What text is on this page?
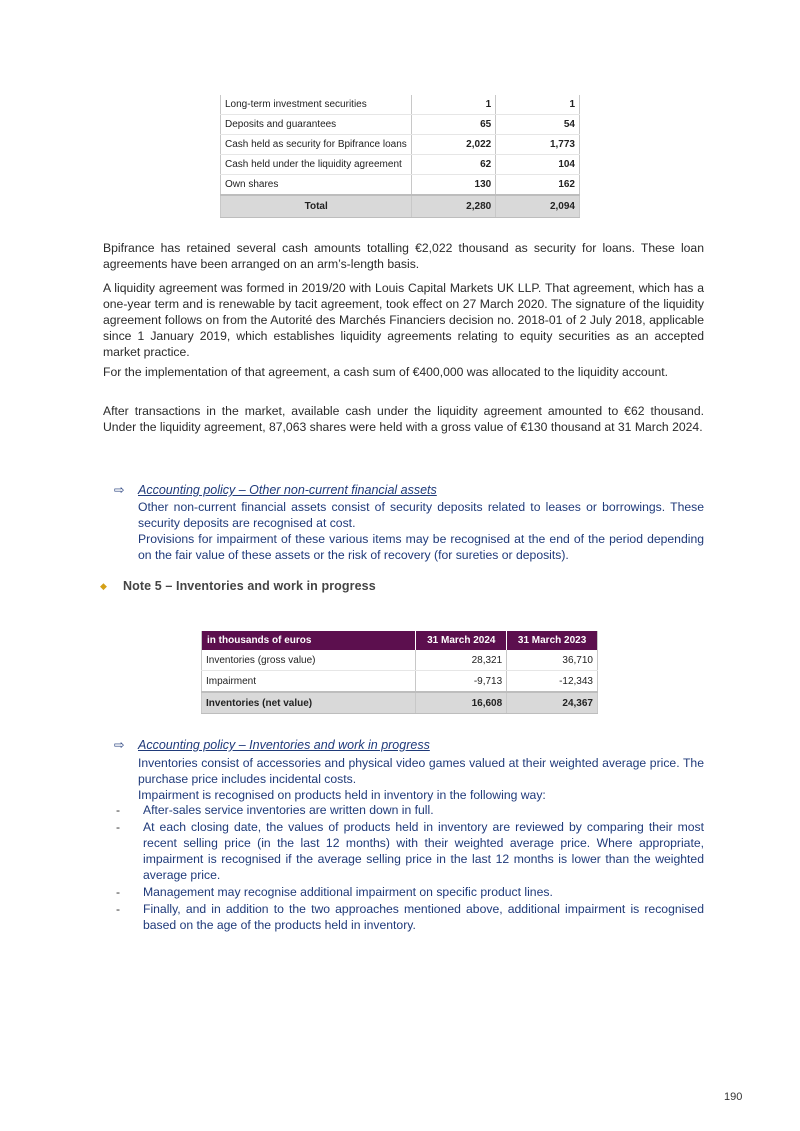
Long-term investment securities	1	1
Deposits and guarantees	65	54
Cash held as security for Bpifrance loans	2,022	1,773
Cash held under the liquidity agreement	62	104
Own shares	130	162
Total	2,280	2,094

Bpifrance has retained several cash amounts totalling €2,022 thousand as security for loans. These loan agreements have been arranged on an arm’s-length basis.

A liquidity agreement was formed in 2019/20 with Louis Capital Markets UK LLP. That agreement, which has a one-year term and is renewable by tacit agreement, took effect on 27 March 2020. The signature of the liquidity agreement follows on from the Autorité des Marchés Financiers decision no. 2018-01 of 2 July 2018, applicable since 1 January 2019, which establishes liquidity agreements relating to equity securities as an accepted market practice.

For the implementation of that agreement, a cash sum of €400,000 was allocated to the liquidity account.

After transactions in the market, available cash under the liquidity agreement amounted to €62 thousand. Under the liquidity agreement, 87,063 shares were held with a gross value of €130 thousand at 31 March 2024.

⇨ Accounting policy – Other non-current financial assets

Other non-current financial assets consist of security deposits related to leases or borrowings. These security deposits are recognised at cost.

Provisions for impairment of these various items may be recognised at the end of the period depending on the fair value of these assets or the risk of recovery (for sureties or deposits).

◆ Note 5 – Inventories and work in progress
in thousands of euros	31 March 2024	31 March 2023
Inventories (gross value)	28,321	36,710
Impairment	-9,713	-12,343
Inventories (net value)	16,608	24,367
⇨ Accounting policy – Inventories and work in progress

Inventories consist of accessories and physical video games valued at their weighted average price. The purchase price includes incidental costs.

Impairment is recognised on products held in inventory in the following way:

- After-sales service inventories are written down in full.
- At each closing date, the values of products held in inventory are reviewed by comparing their most recent selling price (in the last 12 months) with their weighted average price. Where appropriate, impairment is recognised if the average selling price in the last 12 months is lower than the weighted average price.
- Management may recognise additional impairment on specific product lines.
- Finally, and in addition to the two approaches mentioned above, additional impairment is recognised based on the age of the products held in inventory.
190
